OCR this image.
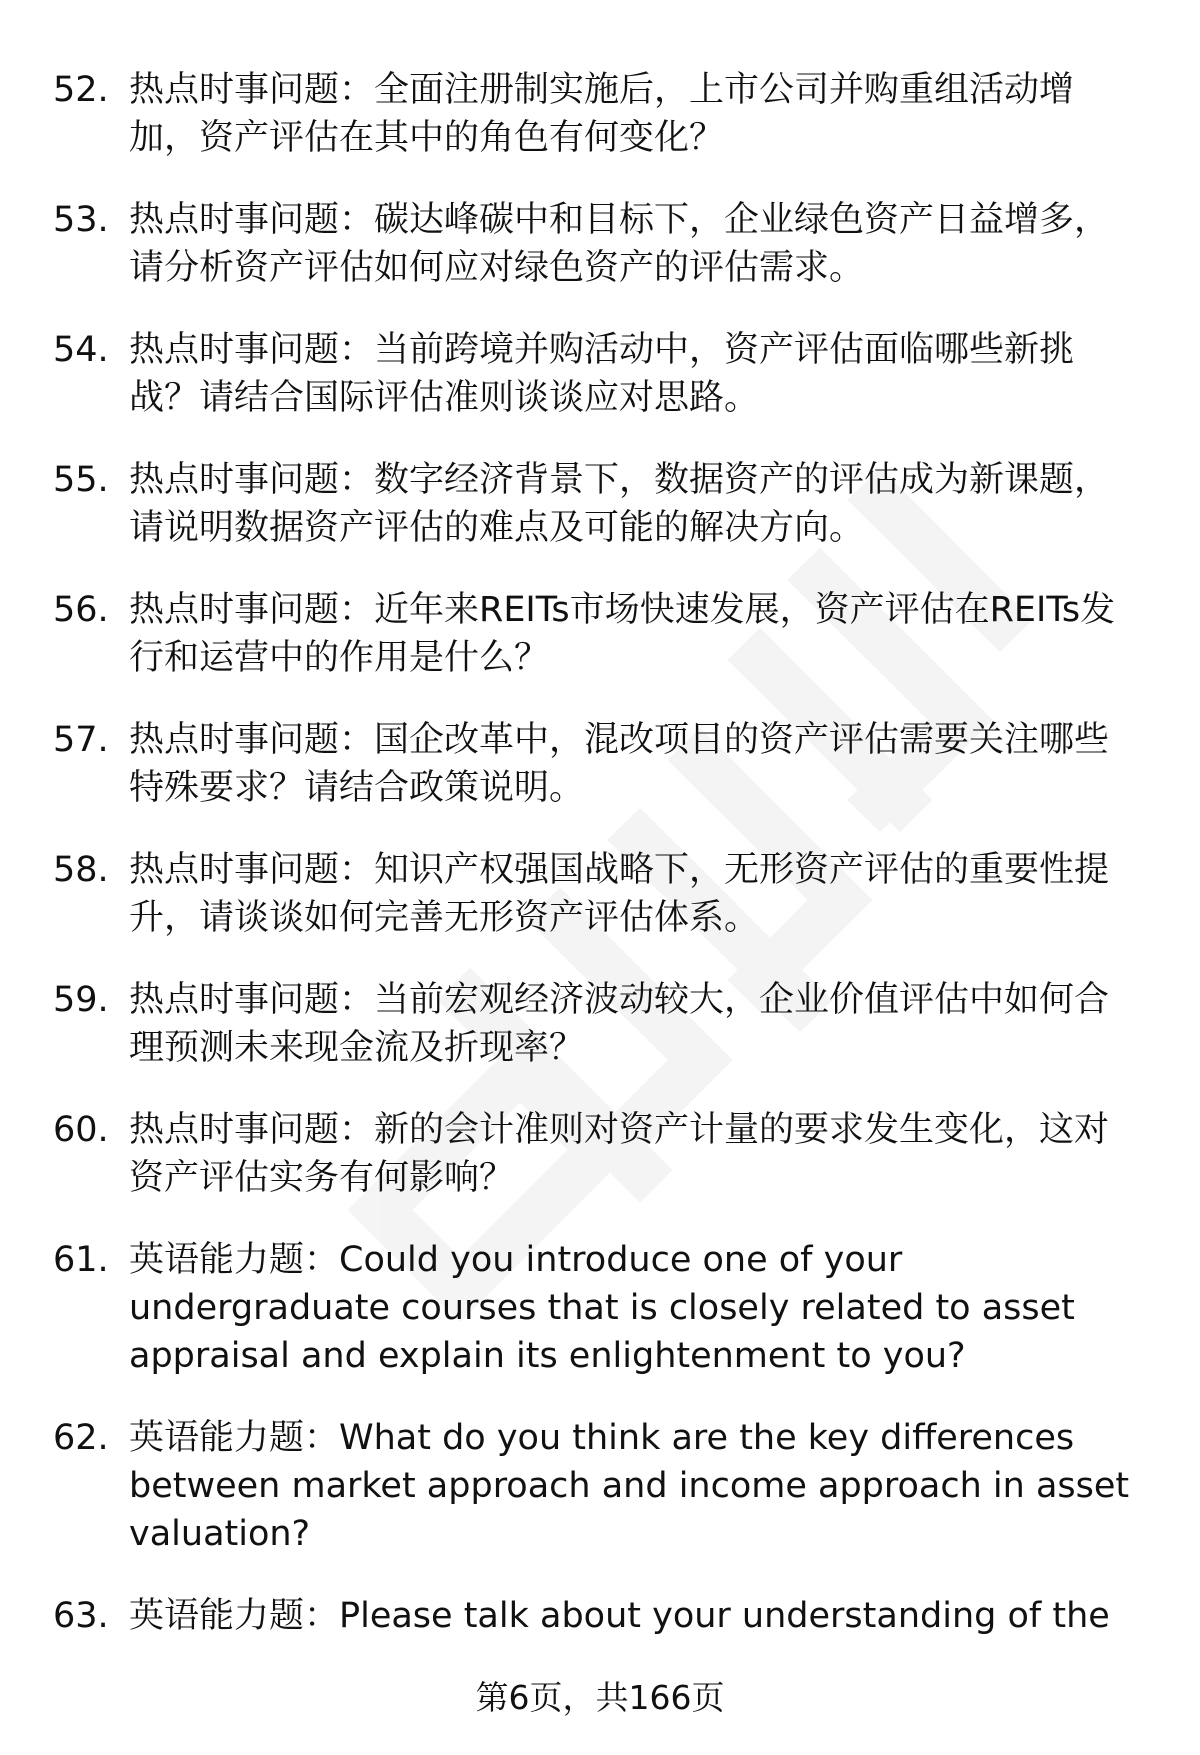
52. 热点时事问题：全面注册制实施后，上市公司并购重组活动增
加，资产评估在其中的角色有何变化？
53. 热点时事问题：碳达峰碳中和目标下，企业绿色资产日益增多，
请分析资产评估如何应对绿色资产的评估需求。
54. 热点时事问题：当前跨境并购活动中，资产评估面临哪些新挑
战？请结合国际评估准则谈谈应对思路。
55. 热点时事问题：数字经济背景下，数据资产的评估成为新课题，
请说明数据资产评估的难点及可能的解决方向。
56. 热点时事问题：近年来REITs市场快速发展，资产评估在REITs发
行和运营中的作用是什么？
57. 热点时事问题：国企改革中，混改项目的资产评估需要关注哪些
特殊要求？请结合政策说明。
58. 热点时事问题：知识产权强国战略下，无形资产评估的重要性提
升，请谈谈如何完善无形资产评估体系。
59. 热点时事问题：当前宏观经济波动较大，企业价值评估中如何合
理预测未来现金流及折现率？
60. 热点时事问题：新的会计准则对资产计量的要求发生变化，这对
资产评估实务有何影响？
61. 英语能力题：Could you introduce one of your
undergraduate courses that is closely related to asset
appraisal and explain its enlightenment to you?
62. 英语能力题：What do you think are the key differences
between market approach and income approach in asset
valuation?
63. 英语能力题：Please talk about your understanding of the
第6页，共166页
